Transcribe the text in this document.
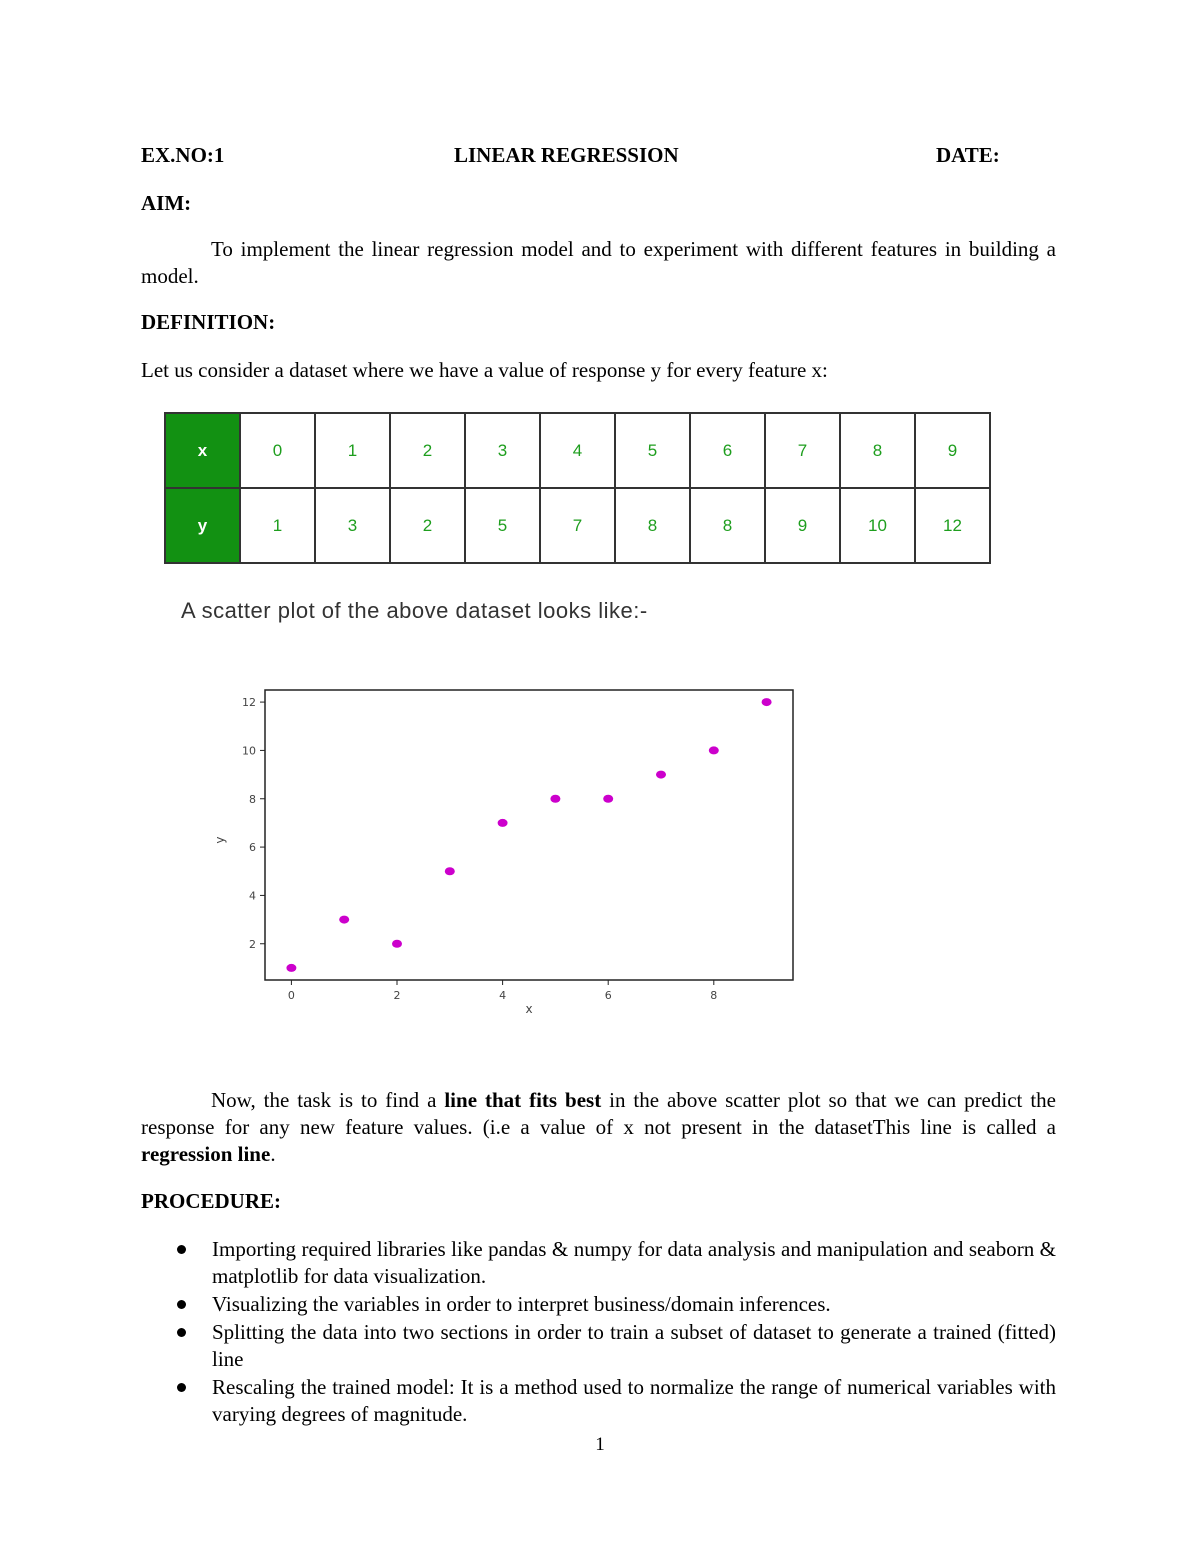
EX.NO:1	LINEAR REGRESSION	DATE:
AIM:
To implement the linear regression model and to experiment with different features in building a model.
DEFINITION:
Let us consider a dataset where we have a value of response y for every feature x:
x	0	1	2	3	4	5	6	7	8	9
y	1	3	2	5	7	8	8	9	10	12
A scatter plot of the above dataset looks like:-
2
4
6
8
10
12
0	2	4	6	8
x
y
Now, the task is to find a line that fits best in the above scatter plot so that we can predict the response for any new feature values. (i.e a value of x not present in the datasetThis line is called a regression line.
PROCEDURE:
Importing required libraries like pandas & numpy for data analysis and manipulation and seaborn & matplotlib for data visualization.
Visualizing the variables in order to interpret business/domain inferences.
Splitting the data into two sections in order to train a subset of dataset to generate a trained (fitted) line
Rescaling the trained model: It is a method used to normalize the range of numerical variables with varying degrees of magnitude.
1
